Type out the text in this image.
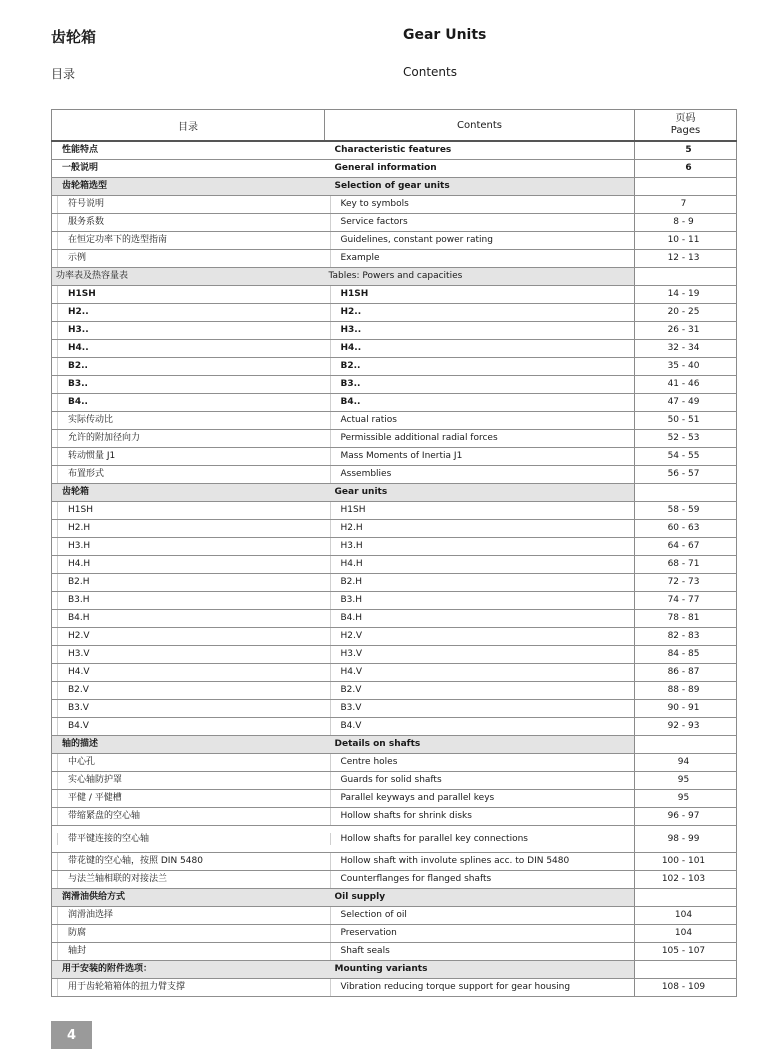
齿轮箱	Gear Units
目录	Contents
目录	Contents	页码
Pages

性能特点	Characteristic features	5

一般说明	General information	6

齿轮箱选型	Selection of gear units	

符号说明	Key to symbols	7

服务系数	Service factors	8 - 9

在恒定功率下的选型指南	Guidelines, constant power rating	10 - 11

示例	Example	12 - 13

功率表及热容量表	Tables: Powers and capacities	

H1SH	H1SH	14 - 19

H2..	H2..	20 - 25

H3..	H3..	26 - 31

H4..	H4..	32 - 34

B2..	B2..	35 - 40

B3..	B3..	41 - 46

B4..	B4..	47 - 49

实际传动比	Actual ratios	50 - 51

允许的附加径向力	Permissible additional radial forces	52 - 53

转动惯量 J1	Mass Moments of Inertia J1	54 - 55

布置形式	Assemblies	56 - 57

齿轮箱	Gear units	

H1SH	H1SH	58 - 59

H2.H	H2.H	60 - 63

H3.H	H3.H	64 - 67

H4.H	H4.H	68 - 71

B2.H	B2.H	72 - 73

B3.H	B3.H	74 - 77

B4.H	B4.H	78 - 81

H2.V	H2.V	82 - 83

H3.V	H3.V	84 - 85

H4.V	H4.V	86 - 87

B2.V	B2.V	88 - 89

B3.V	B3.V	90 - 91

B4.V	B4.V	92 - 93

轴的描述	Details on shafts	

中心孔	Centre holes	94

实心轴防护罩	Guards for solid shafts	95

平健 / 平健槽	Parallel keyways and parallel keys	95

带缩紧盘的空心轴	Hollow shafts for shrink disks	96 - 97

带平键连接的空心轴	Hollow shafts for parallel key connections	98 - 99

带花键的空心轴，按照 DIN 5480	Hollow shaft with involute splines acc. to DIN 5480	100 - 101

与法兰轴相联的对接法兰	Counterflanges for flanged shafts	102 - 103

润滑油供给方式	Oil supply	

润滑油选择	Selection of oil	104

防腐	Preservation	104

轴封	Shaft seals	105 - 107

用于安装的附件选项：	Mounting variants	

用于齿轮箱箱体的扭力臂支撑	Vibration reducing torque support for gear housing	108 - 109
4
